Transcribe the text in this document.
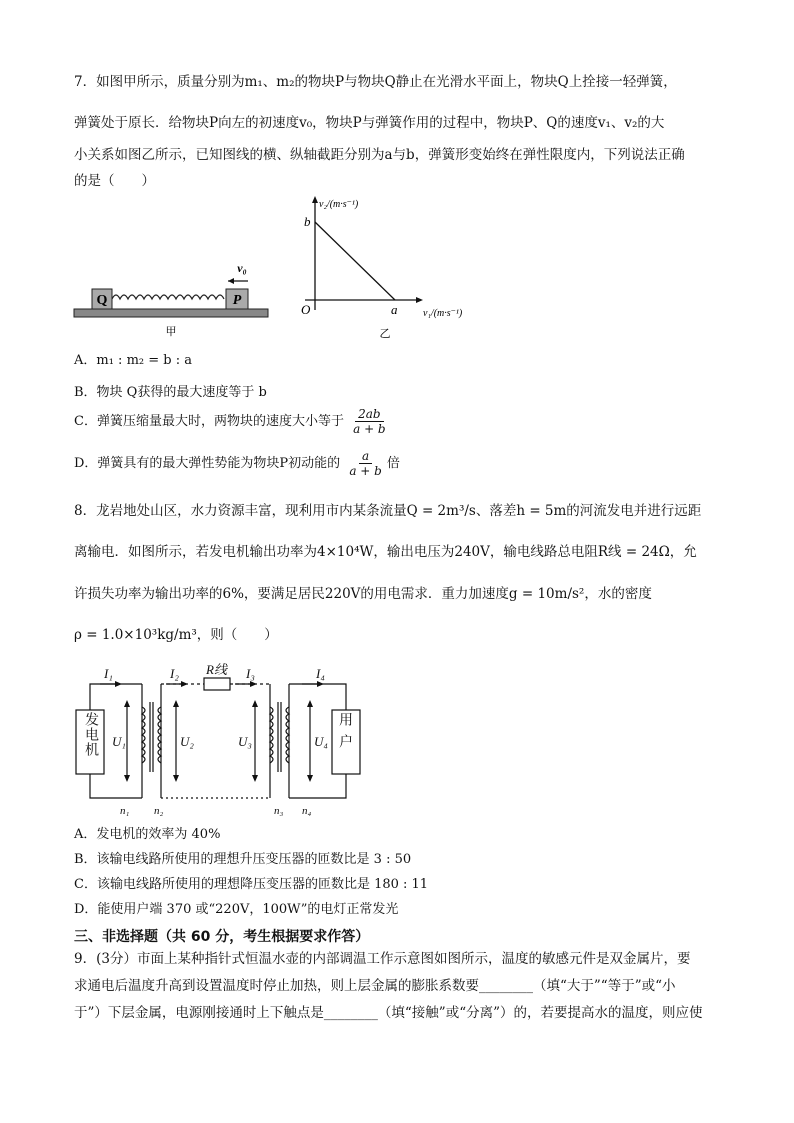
7．如图甲所示，质量分别为m₁、m₂的物块P与物块Q静止在光滑水平面上，物块Q上拴接一轻弹簧，
弹簧处于原长．给物块P向左的初速度v₀，物块P与弹簧作用的过程中，物块P、Q的速度v₁、v₂的大
小关系如图乙所示，已知图线的横、纵轴截距分别为a与b，弹簧形变始终在弹性限度内，下列说法正确
的是（　　）
Q	P
v₀
甲
v₂/(m·s⁻¹)
v₁/(m·s⁻¹)
O
b
a
乙
A．m₁ : m₂ = b : a
B．物块 Q获得的最大速度等于 b
C．弹簧压缩量最大时，两物块的速度大小等于 $\frac{2ab}{a + b}$
D．弹簧具有的最大弹性势能为物块P初动能的 $\frac{a}{a + b}$ 倍
8．龙岩地处山区，水力资源丰富，现利用市内某条流量Q = 2m³/s、落差h = 5m的河流发电并进行远距
离输电．如图所示，若发电机输出功率为4×10⁴W，输出电压为240V，输电线路总电阻R线 = 24Ω，允
许损失功率为输出功率的6%，要满足居民220V的用电需求．重力加速度g = 10m/s²，水的密度
ρ = 1.0×10³kg/m³，则（　　）
I₁	I₂ R线 I₃	I₄
U₁	U₂	U₃	U₄
n₁ n₂	n₃ n₄
发电机	用户
A．发电机的效率为 40%
B．该输电线路所使用的理想升压变压器的匝数比是 3 : 50
C．该输电线路所使用的理想降压变压器的匝数比是 180 : 11
D．能使用户端 370 或“220V，100W”的电灯正常发光
三、非选择题（共 60 分，考生根据要求作答）
9．(3分）市面上某种指针式恒温水壶的内部调温工作示意图如图所示，温度的敏感元件是双金属片，要
求通电后温度升高到设置温度时停止加热，则上层金属的膨胀系数要________（填“大于”“等于”或“小
于”）下层金属，电源刚接通时上下触点是________（填“接触”或“分离”）的，若要提高水的温度，则应使
